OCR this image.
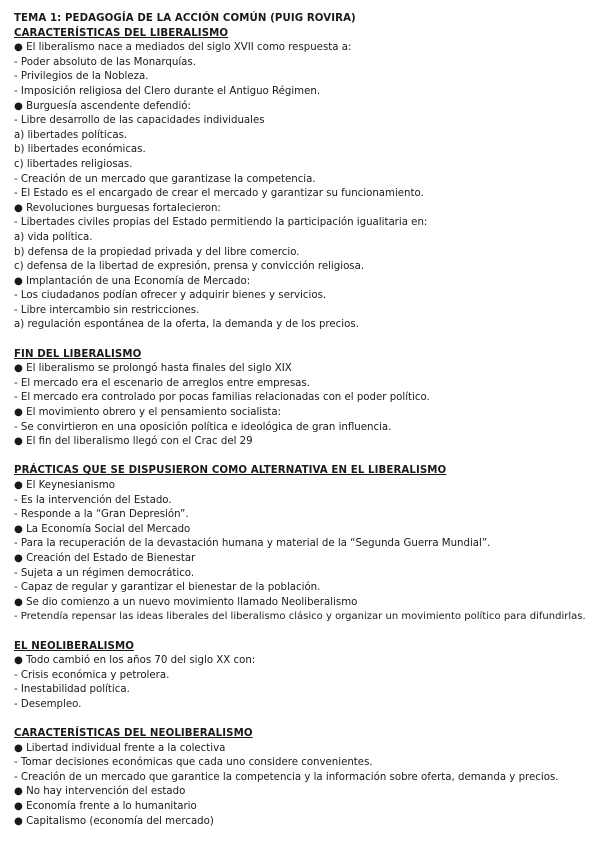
TEMA 1: PEDAGOGÍA DE LA ACCIÓN COMÚN (PUIG ROVIRA)
CARACTERÍSTICAS DEL LIBERALISMO
● El liberalismo nace a mediados del siglo XVII como respuesta a:
- Poder absoluto de las Monarquías.
- Privilegios de la Nobleza.
- Imposición religiosa del Clero durante el Antiguo Régimen.
● Burguesía ascendente defendió:
- Libre desarrollo de las capacidades individuales
a) libertades políticas.
b) libertades económicas.
c) libertades religiosas.
- Creación de un mercado que garantizase la competencia.
- El Estado es el encargado de crear el mercado y garantizar su funcionamiento.
● Revoluciones burguesas fortalecieron:
- Libertades civiles propias del Estado permitiendo la participación igualitaria en:
a) vida política.
b) defensa de la propiedad privada y del libre comercio.
c) defensa de la libertad de expresión, prensa y convicción religiosa.
● Implantación de una Economía de Mercado:
- Los ciudadanos podían ofrecer y adquirir bienes y servicios.
- Libre intercambio sin restricciones.
a) regulación espontánea de la oferta, la demanda y de los precios.
FIN DEL LIBERALISMO
● El liberalismo se prolongó hasta finales del siglo XIX
- El mercado era el escenario de arreglos entre empresas.
- El mercado era controlado por pocas familias relacionadas con el poder político.
● El movimiento obrero y el pensamiento socialista:
- Se convirtieron en una oposición política e ideológica de gran influencia.
● El fin del liberalismo llegó con el Crac del 29
PRÁCTICAS QUE SE DISPUSIERON COMO ALTERNATIVA EN EL LIBERALISMO
● El Keynesianismo
- Es la intervención del Estado.
- Responde a la “Gran Depresión”.
● La Economía Social del Mercado
- Para la recuperación de la devastación humana y material de la “Segunda Guerra Mundial”.
● Creación del Estado de Bienestar
- Sujeta a un régimen democrático.
- Capaz de regular y garantizar el bienestar de la población.
● Se dio comienzo a un nuevo movimiento llamado Neoliberalismo
- Pretendía repensar las ideas liberales del liberalismo clásico y organizar un movimiento político para difundirlas.
EL NEOLIBERALISMO
● Todo cambió en los años 70 del siglo XX con:
- Crisis económica y petrolera.
- Inestabilidad política.
- Desempleo.
CARACTERÍSTICAS DEL NEOLIBERALISMO
● Libertad individual frente a la colectiva
- Tomar decisiones económicas que cada uno considere convenientes.
- Creación de un mercado que garantice la competencia y la información sobre oferta, demanda y precios.
● No hay intervención del estado
● Economía frente a lo humanitario
● Capitalismo (economía del mercado)
